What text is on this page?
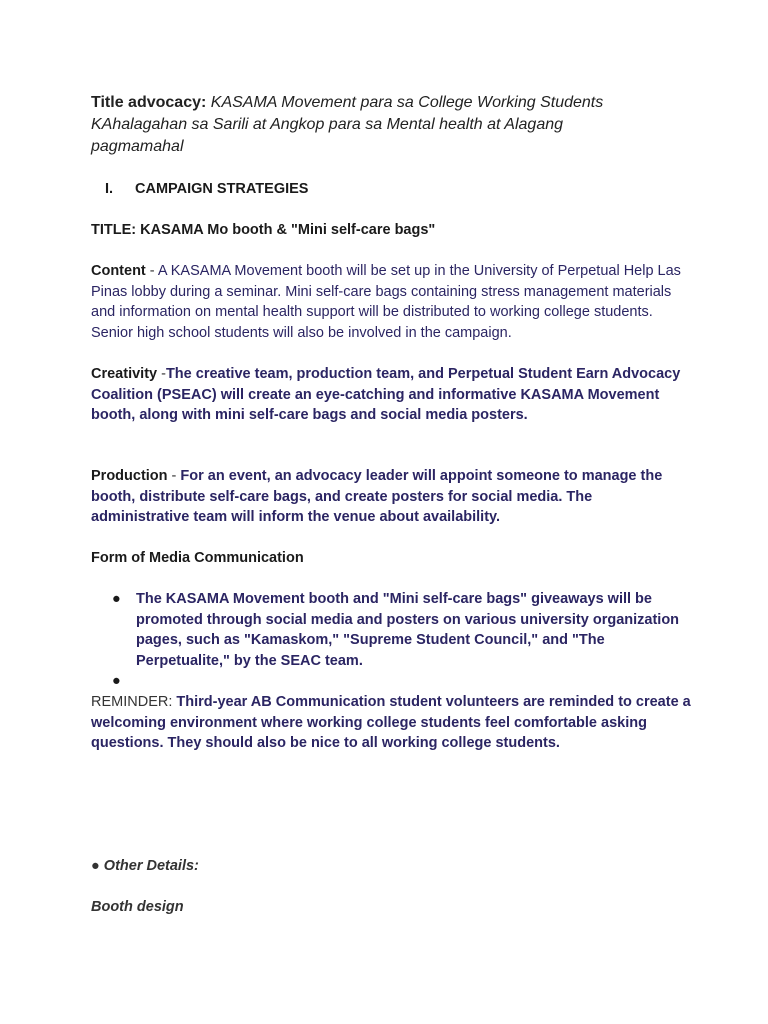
Title advocacy: KASAMA Movement para sa College Working Students
KAhalagahan sa Sarili at Angkop para sa Mental health at Alagang
pagmamahal
I. CAMPAIGN STRATEGIES
TITLE: KASAMA Mo booth & "Mini self-care bags"
Content - A KASAMA Movement booth will be set up in the University of Perpetual Help Las Pinas lobby during a seminar. Mini self-care bags containing stress management materials and information on mental health support will be distributed to working college students. Senior high school students will also be involved in the campaign.
Creativity -The creative team, production team, and Perpetual Student Earn Advocacy Coalition (PSEAC) will create an eye-catching and informative KASAMA Movement booth, along with mini self-care bags and social media posters.
Production - For an event, an advocacy leader will appoint someone to manage the booth, distribute self-care bags, and create posters for social media. The administrative team will inform the venue about availability.
Form of Media Communication
● The KASAMA Movement booth and "Mini self-care bags" giveaways will be promoted through social media and posters on various university organization pages, such as "Kamaskom," "Supreme Student Council," and "The Perpetualite," by the SEAC team.
●
REMINDER: Third-year AB Communication student volunteers are reminded to create a welcoming environment where working college students feel comfortable asking questions. They should also be nice to all working college students.
● Other Details:
Booth design
